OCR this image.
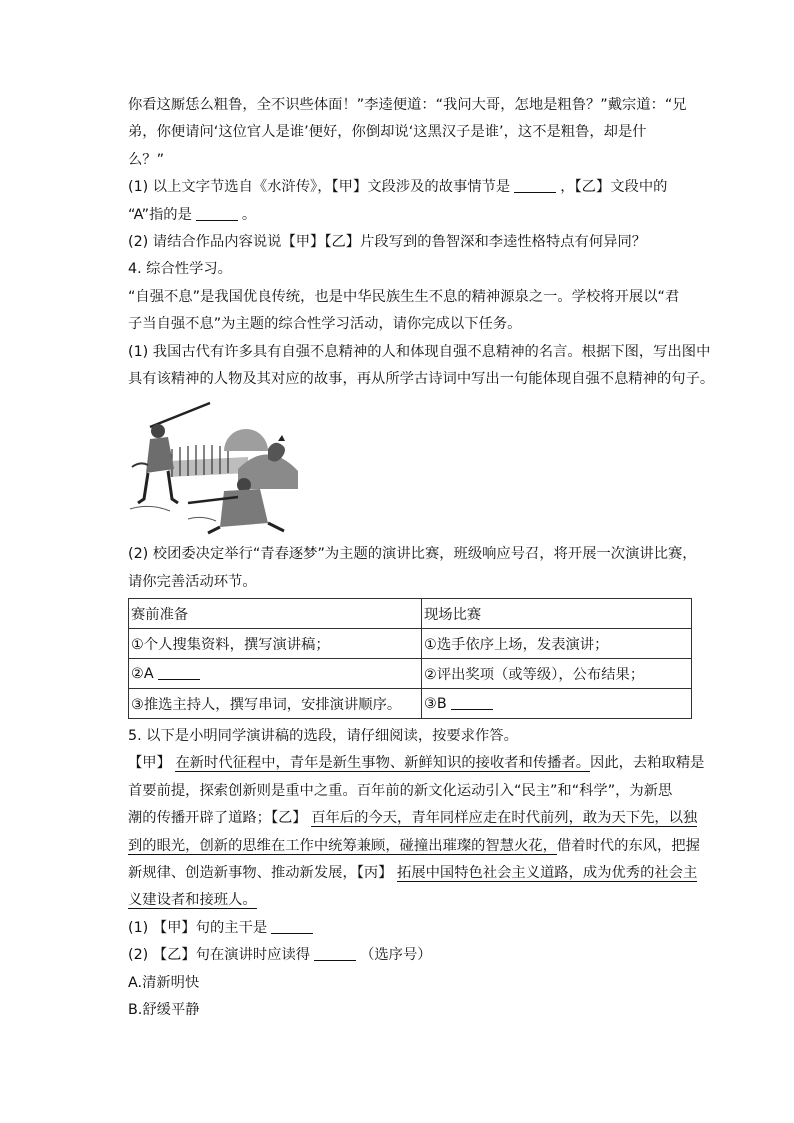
你看这厮恁么粗鲁，全不识些体面！”李逵便道：“我问大哥，怎地是粗鲁？”戴宗道：“兄
弟，你便请问‘这位官人是谁’便好，你倒却说‘这黑汉子是谁’，这不是粗鲁，却是什
么？”
(1) 以上文字节选自《水浒传》，【甲】文段涉及的故事情节是	，【乙】文段中的
“A”指的是	。
(2) 请结合作品内容说说【甲】【乙】片段写到的鲁智深和李逵性格特点有何异同？
4. 综合性学习。
“自强不息”是我国优良传统，也是中华民族生生不息的精神源泉之一。学校将开展以“君
子当自强不息”为主题的综合性学习活动，请你完成以下任务。
(1) 我国古代有许多具有自强不息精神的人和体现自强不息精神的名言。根据下图，写出图中
具有该精神的人物及其对应的故事，再从所学古诗词中写出一句能体现自强不息精神的句子。
(2) 校团委决定举行“青春逐梦”为主题的演讲比赛，班级响应号召，将开展一次演讲比赛，
请你完善活动环节。
赛前准备	现场比赛
①个人搜集资料，撰写演讲稿；	①选手依序上场，发表演讲；
②A	②评出奖项（或等级），公布结果；
③推选主持人，撰写串词，安排演讲顺序。	③B
5. 以下是小明同学演讲稿的选段，请仔细阅读，按要求作答。
【甲】 在新时代征程中，青年是新生事物、新鲜知识的接收者和传播者。因此，去粕取精是
首要前提，探索创新则是重中之重。百年前的新文化运动引入“民主”和“科学”，为新思
潮的传播开辟了道路；【乙】 百年后的今天，青年同样应走在时代前列，敢为天下先，以独
到的眼光，创新的思维在工作中统筹兼顾，碰撞出璀璨的智慧火花，借着时代的东风，把握
新规律、创造新事物、推动新发展，【丙】 拓展中国特色社会主义道路，成为优秀的社会主
义建设者和接班人。
(1) 【甲】句的主干是
(2) 【乙】句在演讲时应读得	（选序号）
A.清新明快
B.舒缓平静
